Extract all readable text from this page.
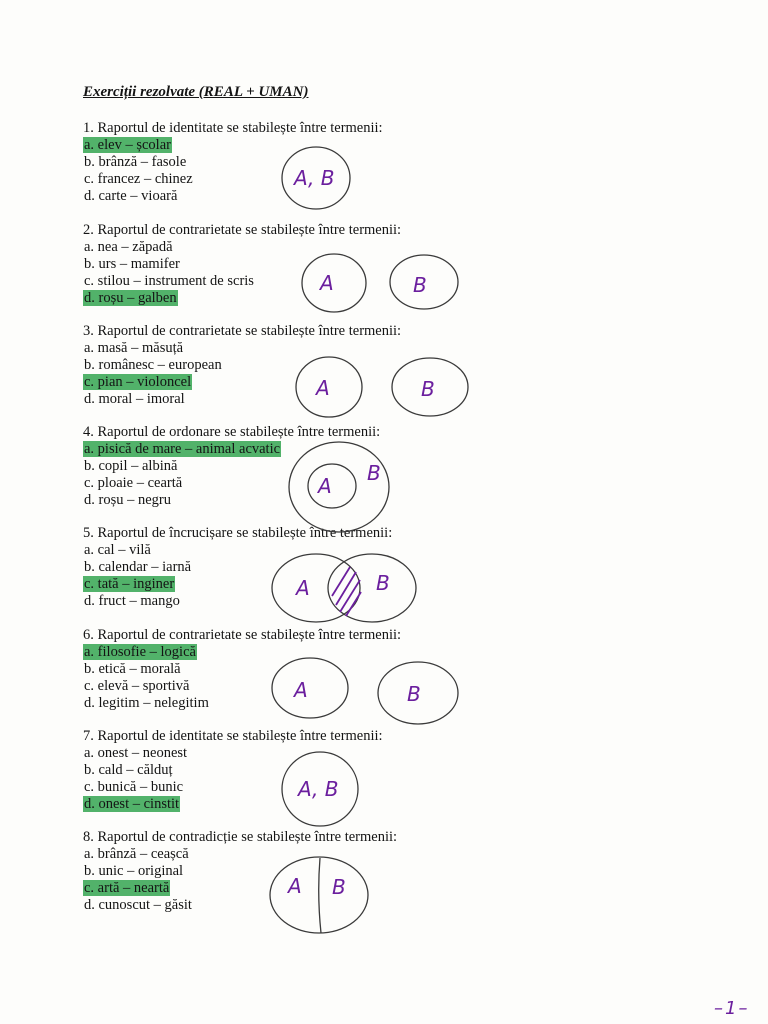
Exerciții rezolvate (REAL + UMAN)
1. Raportul de identitate se stabilește între termenii:
a. elev – școlar
b. brânză – fasole
c. francez – chinez
d. carte – vioară
2. Raportul de contrarietate se stabilește între termenii:
a. nea – zăpadă
b. urs – mamifer
c. stilou – instrument de scris
d. roșu – galben
3. Raportul de contrarietate se stabilește între termenii:
a. masă – măsuță
b. românesc – european
c. pian – violoncel
d. moral – imoral
4. Raportul de ordonare se stabilește între termenii:
a. pisică de mare – animal acvatic
b. copil – albină
c. ploaie – ceartă
d. roșu – negru
5. Raportul de încrucișare se stabilește între termenii:
a. cal – vilă
b. calendar – iarnă
c. tată – inginer
d. fruct – mango
6. Raportul de contrarietate se stabilește între termenii:
a. filosofie – logică
b. etică – morală
c. elevă – sportivă
d. legitim – nelegitim
7. Raportul de identitate se stabilește între termenii:
a. onest – neonest
b. cald – călduț
c. bunică – bunic
d. onest – cinstit
8. Raportul de contradicție se stabilește între termenii:
a. brânză – ceașcă
b. unic – original
c. artă – neartă
d. cunoscut – găsit
A, B
A	B
A	B
A
B
A	B
A	B
A, B
A B
–1–
